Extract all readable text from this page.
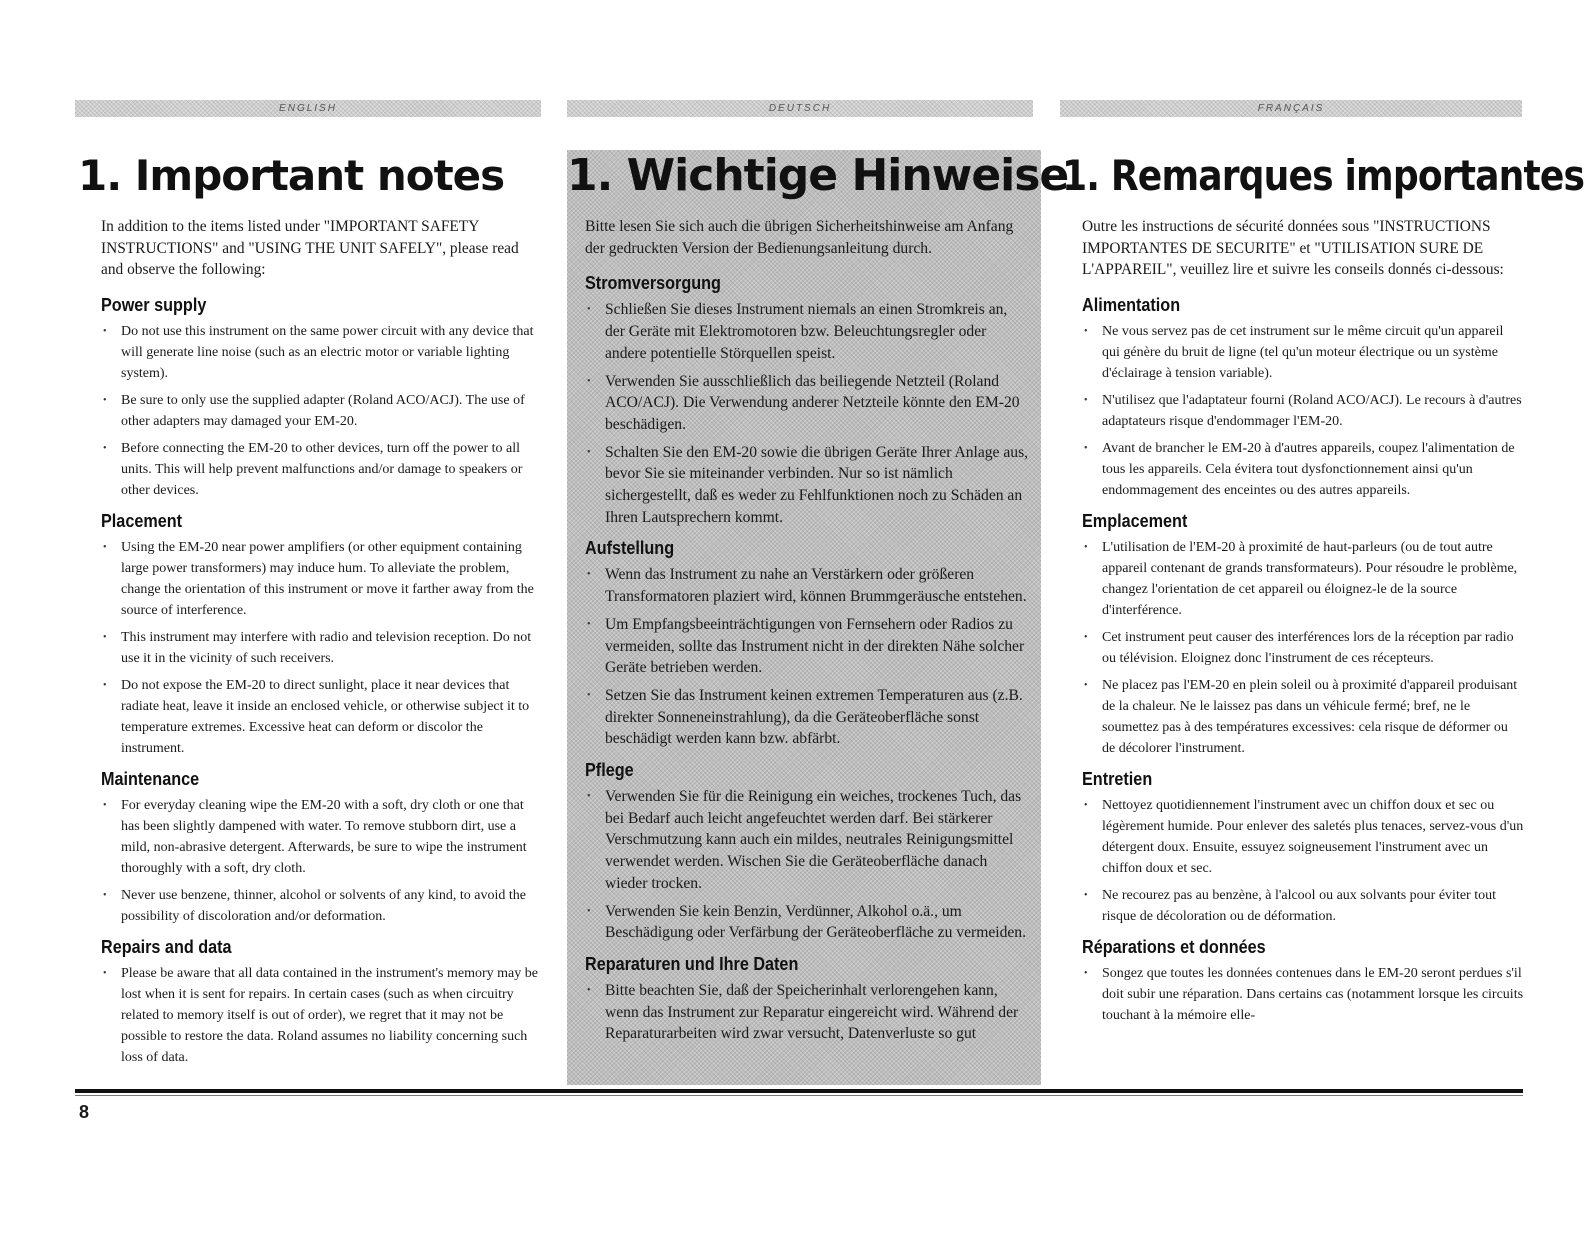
ENGLISH	DEUTSCH	FRANÇAIS
1. Important notes

In addition to the items listed under "IMPORTANT SAFETY INSTRUCTIONS" and "USING THE UNIT SAFELY", please read and observe the following:

Power supply

• Do not use this instrument on the same power circuit with any device that will generate line noise (such as an electric motor or variable lighting system).

• Be sure to only use the supplied adapter (Roland ACO/ACJ). The use of other adapters may damaged your EM-20.

• Before connecting the EM-20 to other devices, turn off the power to all units. This will help prevent malfunctions and/or damage to speakers or other devices.

Placement

• Using the EM-20 near power amplifiers (or other equipment containing large power transformers) may induce hum. To alleviate the problem, change the orientation of this instrument or move it farther away from the source of interference.

• This instrument may interfere with radio and television reception. Do not use it in the vicinity of such receivers.

• Do not expose the EM-20 to direct sunlight, place it near devices that radiate heat, leave it inside an enclosed vehicle, or otherwise subject it to temperature extremes. Excessive heat can deform or discolor the instrument.

Maintenance

• For everyday cleaning wipe the EM-20 with a soft, dry cloth or one that has been slightly dampened with water. To remove stubborn dirt, use a mild, non-abrasive detergent. Afterwards, be sure to wipe the instrument thoroughly with a soft, dry cloth.

• Never use benzene, thinner, alcohol or solvents of any kind, to avoid the possibility of discoloration and/or deformation.

Repairs and data

• Please be aware that all data contained in the instrument's memory may be lost when it is sent for repairs. In certain cases (such as when circuitry related to memory itself is out of order), we regret that it may not be possible to restore the data. Roland assumes no liability concerning such loss of data.

1. Wichtige Hinweise

Bitte lesen Sie sich auch die übrigen Sicherheitshinweise am Anfang der gedruckten Version der Bedienungsanleitung durch.

Stromversorgung

• Schließen Sie dieses Instrument niemals an einen Stromkreis an, der Geräte mit Elektromotoren bzw. Beleuchtungsregler oder andere potentielle Störquellen speist.

• Verwenden Sie ausschließlich das beiliegende Netzteil (Roland ACO/ACJ). Die Verwendung anderer Netzteile könnte den EM-20 beschädigen.

• Schalten Sie den EM-20 sowie die übrigen Geräte Ihrer Anlage aus, bevor Sie sie miteinander verbinden. Nur so ist nämlich sichergestellt, daß es weder zu Fehlfunktionen noch zu Schäden an Ihren Lautsprechern kommt.

Aufstellung

• Wenn das Instrument zu nahe an Verstärkern oder größeren Transformatoren plaziert wird, können Brummgeräusche entstehen.

• Um Empfangsbeeinträchtigungen von Fernsehern oder Radios zu vermeiden, sollte das Instrument nicht in der direkten Nähe solcher Geräte betrieben werden.

• Setzen Sie das Instrument keinen extremen Temperaturen aus (z.B. direkter Sonneneinstrahlung), da die Geräteoberfläche sonst beschädigt werden kann bzw. abfärbt.

Pflege

• Verwenden Sie für die Reinigung ein weiches, trockenes Tuch, das bei Bedarf auch leicht angefeuchtet werden darf. Bei stärkerer Verschmutzung kann auch ein mildes, neutrales Reinigungsmittel verwendet werden. Wischen Sie die Geräteoberfläche danach wieder trocken.

• Verwenden Sie kein Benzin, Verdünner, Alkohol o.ä., um Beschädigung oder Verfärbung der Geräteoberfläche zu vermeiden.

Reparaturen und Ihre Daten

• Bitte beachten Sie, daß der Speicherinhalt verlorengehen kann, wenn das Instrument zur Reparatur eingereicht wird. Während der Reparaturarbeiten wird zwar versucht, Datenverluste so gut

1. Remarques importantes

Outre les instructions de sécurité données sous "INSTRUCTIONS IMPORTANTES DE SECURITE" et "UTILISATION SURE DE L'APPAREIL", veuillez lire et suivre les conseils donnés ci-dessous:

Alimentation

• Ne vous servez pas de cet instrument sur le même circuit qu'un appareil qui génère du bruit de ligne (tel qu'un moteur électrique ou un système d'éclairage à tension variable).

• N'utilisez que l'adaptateur fourni (Roland ACO/ACJ). Le recours à d'autres adaptateurs risque d'endommager l'EM-20.

• Avant de brancher le EM-20 à d'autres appareils, coupez l'alimentation de tous les appareils. Cela évitera tout dysfonctionnement ainsi qu'un endommagement des enceintes ou des autres appareils.

Emplacement

• L'utilisation de l'EM-20 à proximité de haut-parleurs (ou de tout autre appareil contenant de grands transformateurs). Pour résoudre le problème, changez l'orientation de cet appareil ou éloignez-le de la source d'interférence.

• Cet instrument peut causer des interférences lors de la réception par radio ou télévision. Eloignez donc l'instrument de ces récepteurs.

• Ne placez pas l'EM-20 en plein soleil ou à proximité d'appareil produisant de la chaleur. Ne le laissez pas dans un véhicule fermé; bref, ne le soumettez pas à des températures excessives: cela risque de déformer ou de décolorer l'instrument.

Entretien

• Nettoyez quotidiennement l'instrument avec un chiffon doux et sec ou légèrement humide. Pour enlever des saletés plus tenaces, servez-vous d'un détergent doux. Ensuite, essuyez soigneusement l'instrument avec un chiffon doux et sec.

• Ne recourez pas au benzène, à l'alcool ou aux solvants pour éviter tout risque de décoloration ou de déformation.

Réparations et données

• Songez que toutes les données contenues dans le EM-20 seront perdues s'il doit subir une réparation. Dans certains cas (notamment lorsque les circuits touchant à la mémoire elle-

8
